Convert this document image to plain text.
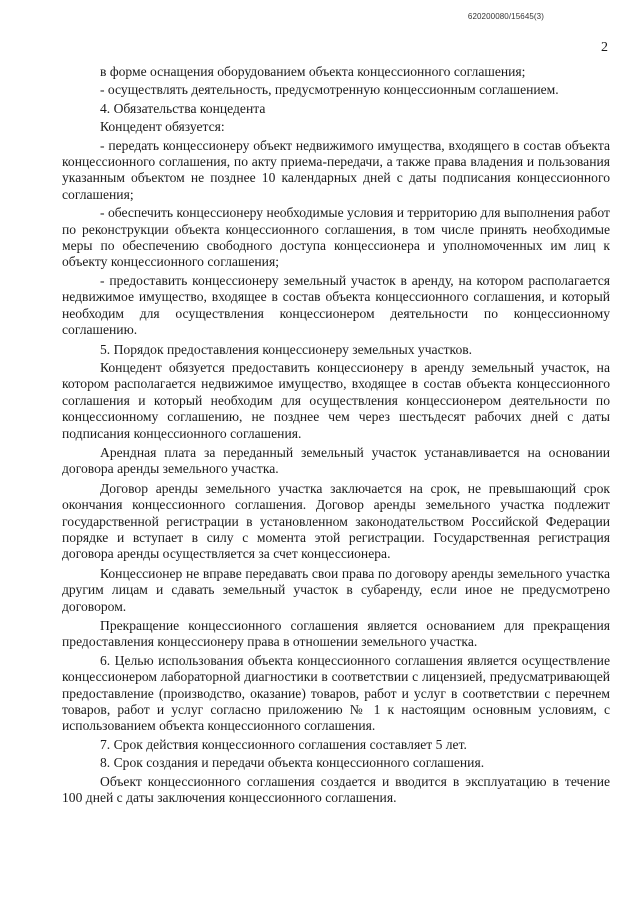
620200080/15645(3)
2

в форме оснащения оборудованием объекта концессионного соглашения;

- осуществлять деятельность, предусмотренную концессионным соглашением.

4. Обязательства концедента

Концедент обязуется:

- передать концессионеру объект недвижимого имущества, входящего в состав объекта концессионного соглашения, по акту приема-передачи, а также права владения и пользования указанным объектом не позднее 10 календарных дней с даты подписания концессионного соглашения;

- обеспечить концессионеру необходимые условия и территорию для выполнения работ по реконструкции объекта концессионного соглашения, в том числе принять необходимые меры по обеспечению свободного доступа концессионера и уполномоченных им лиц к объекту концессионного соглашения;

- предоставить концессионеру земельный участок в аренду, на котором располагается недвижимое имущество, входящее в состав объекта концессионного соглашения, и который необходим для осуществления концессионером деятельности по концессионному соглашению.

5. Порядок предоставления концессионеру земельных участков.

Концедент обязуется предоставить концессионеру в аренду земельный участок, на котором располагается недвижимое имущество, входящее в состав объекта концессионного соглашения и который необходим для осуществления концессионером деятельности по концессионному соглашению, не позднее чем через шестьдесят рабочих дней с даты подписания концессионного соглашения.

Арендная плата за переданный земельный участок устанавливается на основании договора аренды земельного участка.

Договор аренды земельного участка заключается на срок, не превышающий срок окончания концессионного соглашения. Договор аренды земельного участка подлежит государственной регистрации в установленном законодательством Российской Федерации порядке и вступает в силу с момента этой регистрации. Государственная регистрация договора аренды осуществляется за счет концессионера.

Концессионер не вправе передавать свои права по договору аренды земельного участка другим лицам и сдавать земельный участок в субаренду, если иное не предусмотрено договором.

Прекращение концессионного соглашения является основанием для прекращения предоставления концессионеру права в отношении земельного участка.

6. Целью использования объекта концессионного соглашения является осуществление концессионером лабораторной диагностики в соответствии с лицензией, предусматривающей предоставление (производство, оказание) товаров, работ и услуг в соответствии с перечнем товаров, работ и услуг согласно приложению № 1 к настоящим основным условиям, с использованием объекта концессионного соглашения.

7. Срок действия концессионного соглашения составляет 5 лет.

8. Срок создания и передачи объекта концессионного соглашения.

Объект концессионного соглашения создается и вводится в эксплуатацию в течение 100 дней с даты заключения концессионного соглашения.
